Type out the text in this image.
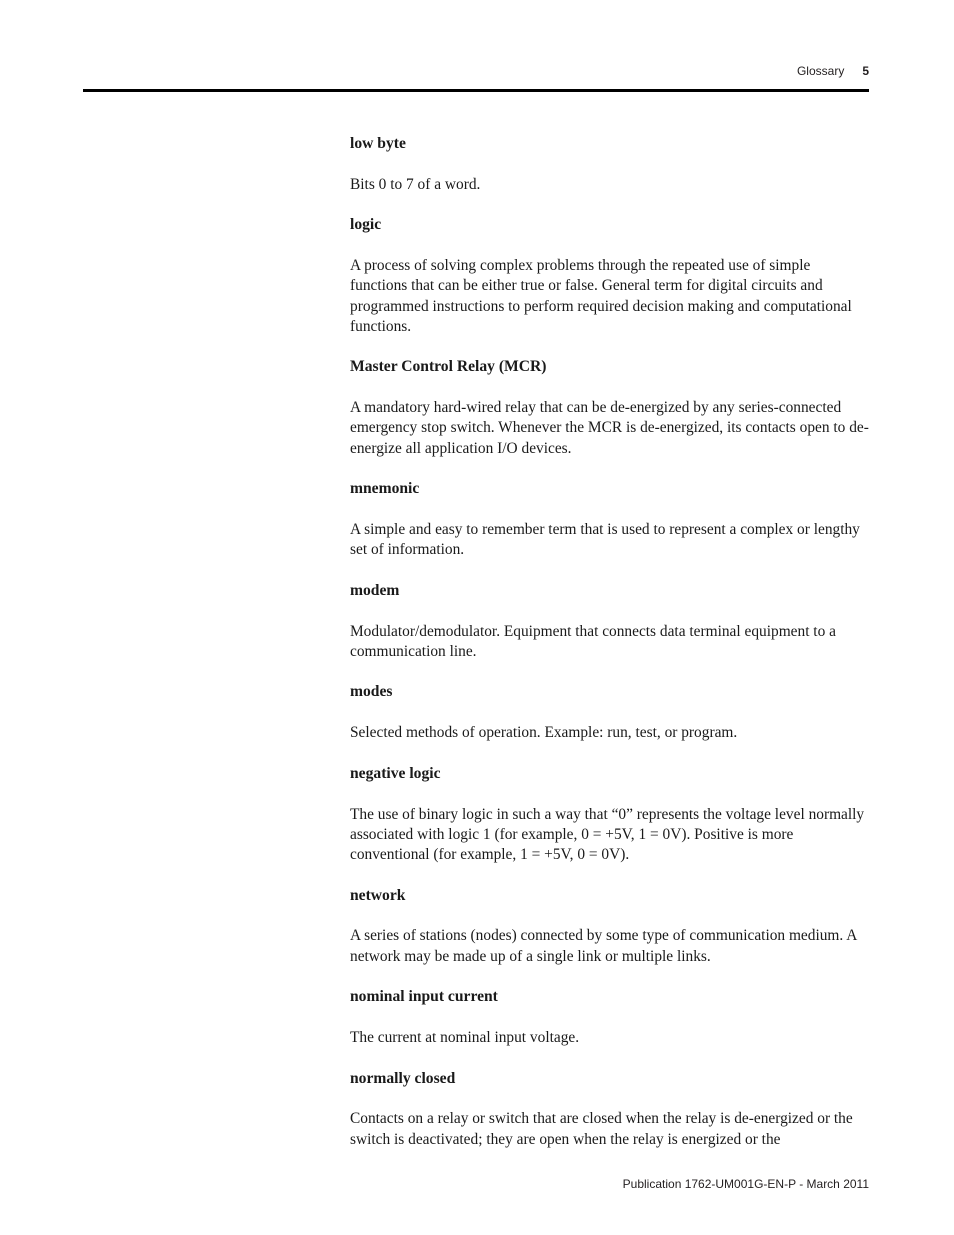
Glossary 5

low byte

Bits 0 to 7 of a word.

logic

A process of solving complex problems through the repeated use of simple functions that can be either true or false. General term for digital circuits and programmed instructions to perform required decision making and computational functions.

Master Control Relay (MCR)

A mandatory hard-wired relay that can be de-energized by any series-connected emergency stop switch. Whenever the MCR is de-energized, its contacts open to de-energize all application I/O devices.

mnemonic

A simple and easy to remember term that is used to represent a complex or lengthy set of information.

modem

Modulator/demodulator. Equipment that connects data terminal equipment to a communication line.

modes

Selected methods of operation. Example: run, test, or program.

negative logic

The use of binary logic in such a way that “0” represents the voltage level normally associated with logic 1 (for example, 0 = +5V, 1 = 0V). Positive is more conventional (for example, 1 = +5V, 0 = 0V).

network

A series of stations (nodes) connected by some type of communication medium. A network may be made up of a single link or multiple links.

nominal input current

The current at nominal input voltage.

normally closed

Contacts on a relay or switch that are closed when the relay is de-energized or the switch is deactivated; they are open when the relay is energized or the

Publication 1762-UM001G-EN-P - March 2011
